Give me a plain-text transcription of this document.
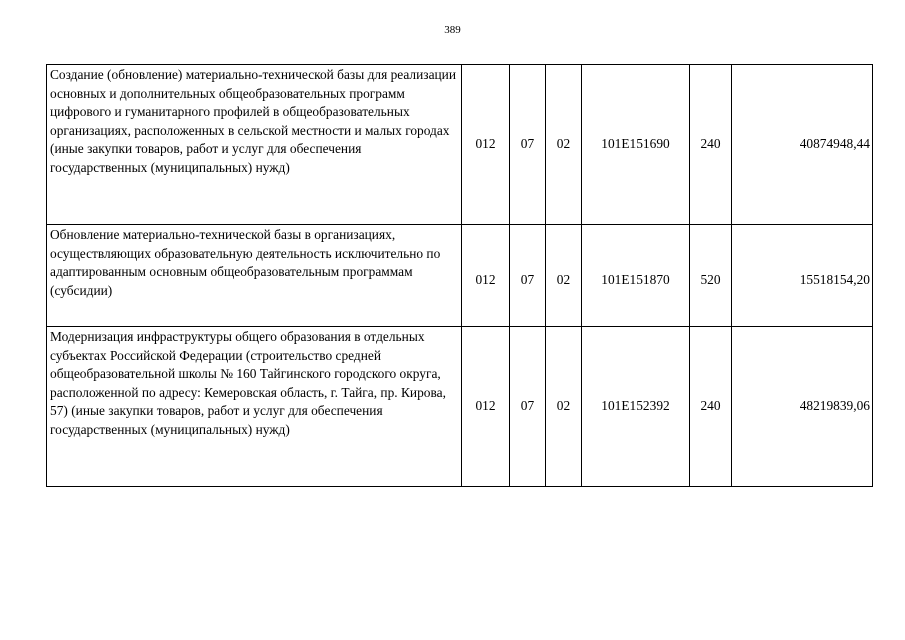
389
Создание (обновление) материально-технической базы для реализации основных и дополнительных общеобразовательных программ цифрового и гуманитарного профилей в общеобразовательных организациях, расположенных в сельской местности и малых городах (иные закупки товаров, работ и услуг для обеспечения государственных (муниципальных) нужд)	012	07	02	101E151690	240	40874948,44
Обновление материально-технической базы в организациях, осуществляющих образовательную деятельность исключительно по адаптированным основным общеобразовательным программам (субсидии)	012	07	02	101E151870	520	15518154,20
Модернизация инфраструктуры общего образования в отдельных субъектах Российской Федерации (строительство средней общеобразовательной школы № 160 Тайгинского городского округа, расположенной по адресу: Кемеровская область, г. Тайга, пр. Кирова, 57) (иные закупки товаров, работ и услуг для обеспечения государственных (муниципальных) нужд)	012	07	02	101E152392	240	48219839,06
